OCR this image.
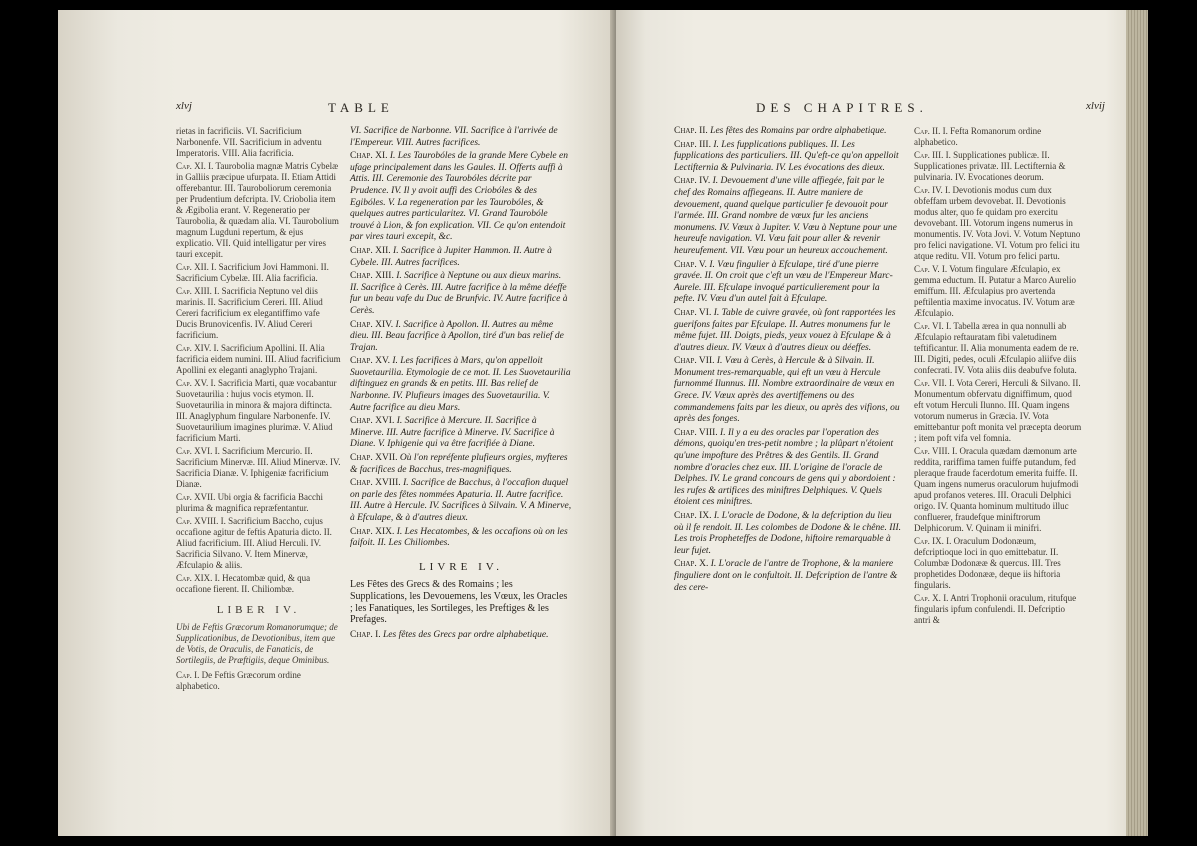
xlvj	TABLE
rietas in facrificiis. VI. Sacrificium Narbonenfe. VII. Sacrificium in adventu Imperatoris. VIII. Alia facrificia.
Cap. XI. I. Taurobolia magnæ Matris Cybelæ in Galliis præcipue ufurpata. II. Etiam Attidi offerebantur. III. Tauroboliorum ceremonia per Prudentium defcripta. IV. Criobolia item & Ægibolia erant. V. Regeneratio per Taurobolia, & quædam alia. VI. Taurobolium magnum Lugduni repertum, & ejus explicatio. VII. Quid intelligatur per vires tauri excepit.
Cap. XII. I. Sacrificium Jovi Hammoni. II. Sacrificium Cybelæ. III. Alia facrificia.
Cap. XIII. I. Sacrificia Neptuno vel diis marinis. II. Sacrificium Cereri. III. Aliud Cereri facrificium ex elegantiffimo vafe Ducis Brunovicenfis. IV. Aliud Cereri facrificium.
Cap. XIV. I. Sacrificium Apollini. II. Alia facrificia eidem numini. III. Aliud facrificium Apollini ex eleganti anaglypho Trajani.
Cap. XV. I. Sacrificia Marti, quæ vocabantur Suovetaurilia : hujus vocis etymon. II. Suovetaurilia in minora & majora diftincta. III. Anaglyphum fingulare Narbonenfe. IV. Suovetaurilium imagines plurimæ. V. Aliud facrificium Marti.
Cap. XVI. I. Sacrificium Mercurio. II. Sacrificium Minervæ. III. Aliud Minervæ. IV. Sacrificia Dianæ. V. Iphigeniæ facrificium Dianæ.
Cap. XVII. Ubi orgia & facrificia Bacchi plurima & magnifica repræfentantur.
Cap. XVIII. I. Sacrificium Baccho, cujus occafione agitur de feftis Apaturia dicto. II. Aliud facrificium. III. Aliud Herculi. IV. Sacrificia Silvano. V. Item Minervæ, Æfculapio & aliis.
Cap. XIX. I. Hecatombæ quid, & qua occafione fierent. II. Chiliombæ.
LIBER IV.
Ubi de Feftis Græcorum Romanorumque; de Supplicationibus, de Devotionibus, item que de Votis, de Oraculis, de Fanaticis, de Sortilegiis, de Præftigiis, deque Ominibus.
Cap. I. De Feftis Græcorum ordine alphabetico.
VI. Sacrifice de Narbonne. VII. Sacrifice à l'arrivée de l'Empereur. VIII. Autres facrifices.
Chap. XI. I. Les Taurobóles de la grande Mere Cybele en ufage principalement dans les Gaules. II. Offerts auffi à Attis. III. Ceremonie des Taurobóles décrite par Prudence. IV. Il y avoit auffi des Criobóles & des Egibóles. V. La regeneration par les Taurobóles, & quelques autres particularitez. VI. Grand Taurobóle trouvé à Lion, & fon explication. VII. Ce qu'on entendoit par vires tauri excepit, &c.
Chap. XII. I. Sacrifice à Jupiter Hammon. II. Autre à Cybele. III. Autres facrifices.
Chap. XIII. I. Sacrifice à Neptune ou aux dieux marins. II. Sacrifice à Cerès. III. Autre facrifice à la même déeffe fur un beau vafe du Duc de Brunfvic. IV. Autre facrifice à Cerès.
Chap. XIV. I. Sacrifice à Apollon. II. Autres au même dieu. III. Beau facrifice à Apollon, tiré d'un bas relief de Trajan.
Chap. XV. I. Les facrifices à Mars, qu'on appelloit Suovetaurilia. Etymologie de ce mot. II. Les Suovetaurilia diftinguez en grands & en petits. III. Bas relief de Narbonne. IV. Plufieurs images des Suovetaurilia. V. Autre facrifice au dieu Mars.
Chap. XVI. I. Sacrifice à Mercure. II. Sacrifice à Minerve. III. Autre facrifice à Minerve. IV. Sacrifice à Diane. V. Iphigenie qui va être facrifiée à Diane.
Chap. XVII. Où l'on repréfente plufieurs orgies, myfteres & facrifices de Bacchus, tres-magnifiques.
Chap. XVIII. I. Sacrifice de Bacchus, à l'occafion duquel on parle des fêtes nommées Apaturia. II. Autre facrifice. III. Autre à Hercule. IV. Sacrifices à Silvain. V. A Minerve, à Efculape, & à d'autres dieux.
Chap. XIX. I. Les Hecatombes, & les occafions où on les faifoit. II. Les Chiliombes.
LIVRE IV.
Les Fêtes des Grecs & des Romains ; les Supplications, les Devouemens, les Vœux, les Oracles ; les Fanatiques, les Sortileges, les Preftiges & les Prefages.
Chap. I. Les fêtes des Grecs par ordre alphabetique.
DES CHAPITRES.	xlvij
Chap. II. Les fêtes des Romains par ordre alphabetique.
Chap. III. I. Les fupplications publiques. II. Les fupplications des particuliers. III. Qu'eft-ce qu'on appelloit Lectifternia & Pulvinaria. IV. Les évocations des dieux.
Chap. IV. I. Devouement d'une ville affiegée, fait par le chef des Romains affiegeans. II. Autre maniere de devouement, quand quelque particulier fe devouoit pour l'armée. III. Grand nombre de vœux fur les anciens monumens. IV. Vœux à Jupiter. V. Vœu à Neptune pour une heureufe navigation. VI. Vœu fait pour aller & revenir heureufement. VII. Vœu pour un heureux accouchement.
Chap. V. I. Vœu fingulier à Efculape, tiré d'une pierre gravée. II. On croit que c'eft un vœu de l'Empereur Marc-Aurele. III. Efculape invoqué particulierement pour la pefte. IV. Vœu d'un autel fait à Efculape.
Chap. VI. I. Table de cuivre gravée, où font rapportées les guerifons faites par Efculape. II. Autres monumens fur le même fujet. III. Doigts, pieds, yeux vouez à Efculape & à d'autres dieux. IV. Vœux à d'autres dieux ou déeffes.
Chap. VII. I. Vœu à Cerès, à Hercule & à Silvain. II. Monument tres-remarquable, qui eft un vœu à Hercule furnommé Ilunnus. III. Nombre extraordinaire de vœux en Grece. IV. Vœux après des avertiffemens ou des commandemens faits par les dieux, ou après des vifions, ou après des fonges.
Chap. VIII. I. Il y a eu des oracles par l'operation des démons, quoiqu'en tres-petit nombre ; la plûpart n'étoient qu'une impofture des Prêtres & des Gentils. II. Grand nombre d'oracles chez eux. III. L'origine de l'oracle de Delphes. IV. Le grand concours de gens qui y abordoient : les rufes & artifices des miniftres Delphiques. V. Quels étoient ces miniftres.
Chap. IX. I. L'oracle de Dodone, & la defcription du lieu où il fe rendoit. II. Les colombes de Dodone & le chêne. III. Les trois Propheteffes de Dodone, hiftoire remarquable à leur fujet.
Chap. X. I. L'oracle de l'antre de Trophone, & la maniere finguliere dont on le confultoit. II. Defcription de l'antre & des cere-
Cap. II. I. Fefta Romanorum ordine alphabetico.
Cap. III. I. Supplicationes publicæ. II. Supplicationes privatæ. III. Lectifternia & pulvinaria. IV. Evocationes deorum.
Cap. IV. I. Devotionis modus cum dux obfeffam urbem devovebat. II. Devotionis modus alter, quo fe quidam pro exercitu devovebant. III. Votorum ingens numerus in monumentis. IV. Vota Jovi. V. Votum Neptuno pro felici navigatione. VI. Votum pro felici itu atque reditu. VII. Votum pro felici partu.
Cap. V. I. Votum fingulare Æfculapio, ex gemma eductum. II. Putatur a Marco Aurelio emiffum. III. Æfculapius pro avertenda peftilentia maxime invocatus. IV. Votum aræ Æfculapio.
Cap. VI. I. Tabella ærea in qua nonnulli ab Æfculapio reftauratam fibi valetudinem teftificantur. II. Alia monumenta eadem de re. III. Digiti, pedes, oculi Æfculapio aliifve diis confecrati. IV. Vota aliis diis deabufve foluta.
Cap. VII. I. Vota Cereri, Herculi & Silvano. II. Monumentum obfervatu digniffimum, quod eft votum Herculi Ilunno. III. Quam ingens votorum numerus in Græcia. IV. Vota emittebantur poft monita vel præcepta deorum ; item poft vifa vel fomnia.
Cap. VIII. I. Oracula quædam dæmonum arte reddita, rariffima tamen fuiffe putandum, fed pleraque fraude facerdotum emerita fuiffe. II. Quam ingens numerus oraculorum hujufmodi apud profanos veteres. III. Oraculi Delphici origo. IV. Quanta hominum multitudo illuc confluerer, fraudefque miniftrorum Delphicorum. V. Quinam ii minifri.
Cap. IX. I. Oraculum Dodonæum, defcriptioque loci in quo emittebatur. II. Columbæ Dodonææ & quercus. III. Tres prophetides Dodonææ, deque iis hiftoria fingularis.
Cap. X. I. Antri Trophonii oraculum, ritufque fingularis ipfum confulendi. II. Defcriptio antri &
